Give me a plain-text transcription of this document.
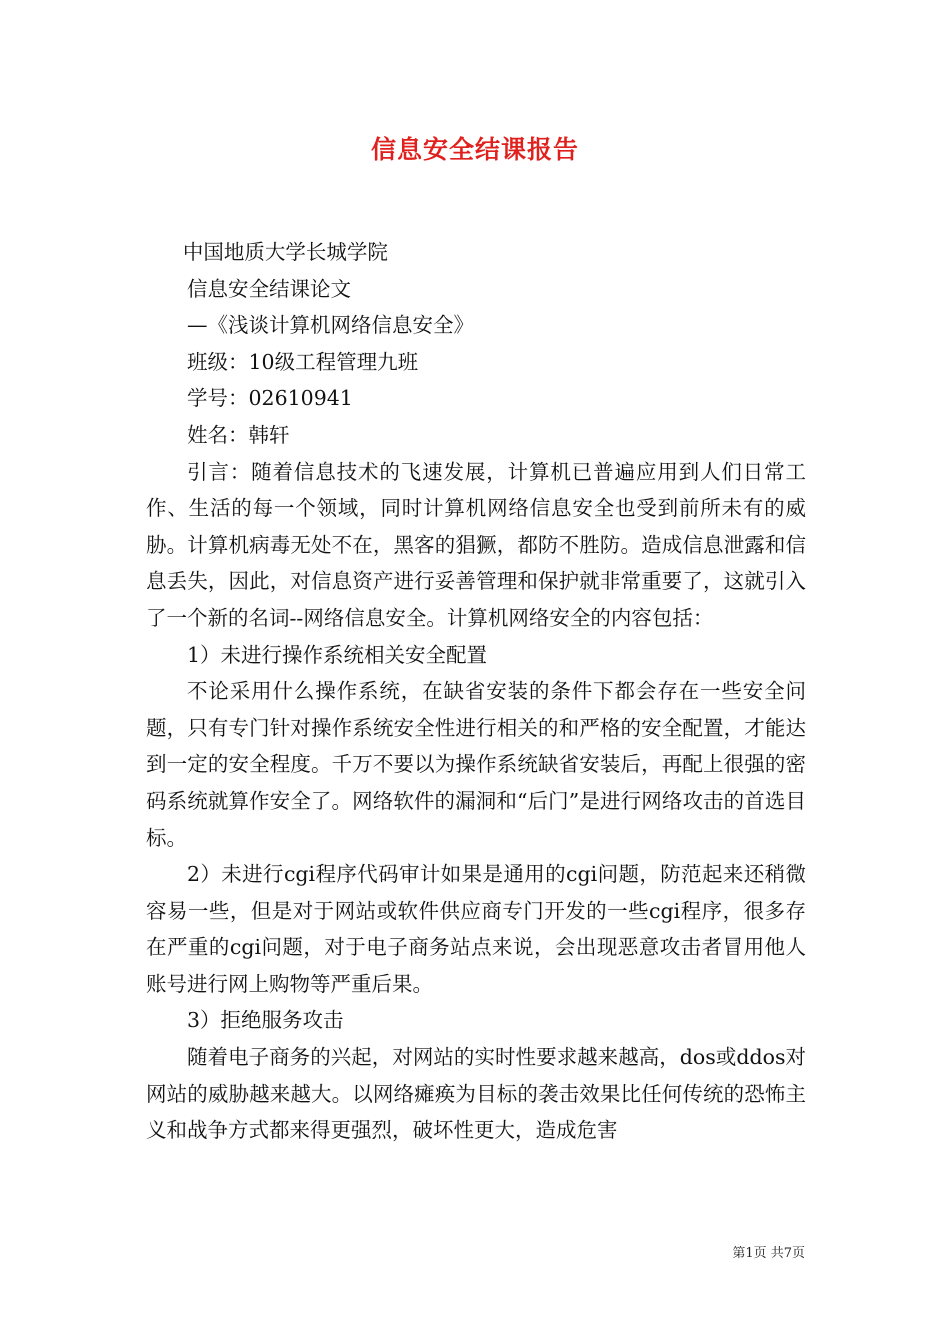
信息安全结课报告

中国地质大学长城学院

信息安全结课论文

—《浅谈计算机网络信息安全》

班级：10级工程管理九班

学号：02610941

姓名：韩轩

引言：随着信息技术的飞速发展，计算机已普遍应用到人们日常工作、生活的每一个领域，同时计算机网络信息安全也受到前所未有的威胁。计算机病毒无处不在，黑客的猖獗，都防不胜防。造成信息泄露和信息丢失，因此，对信息资产进行妥善管理和保护就非常重要了，这就引入了一个新的名词--网络信息安全。计算机网络安全的内容包括：

1）未进行操作系统相关安全配置

不论采用什么操作系统，在缺省安装的条件下都会存在一些安全问题，只有专门针对操作系统安全性进行相关的和严格的安全配置，才能达到一定的安全程度。千万不要以为操作系统缺省安装后，再配上很强的密码系统就算作安全了。网络软件的漏洞和“后门”是进行网络攻击的首选目标。

2）未进行cgi程序代码审计如果是通用的cgi问题，防范起来还稍微容易一些，但是对于网站或软件供应商专门开发的一些cgi程序，很多存在严重的cgi问题，对于电子商务站点来说，会出现恶意攻击者冒用他人账号进行网上购物等严重后果。

3）拒绝服务攻击

随着电子商务的兴起，对网站的实时性要求越来越高，dos或ddos对网站的威胁越来越大。以网络瘫痪为目标的袭击效果比任何传统的恐怖主义和战争方式都来得更强烈，破坏性更大，造成危害

第1页 共7页
